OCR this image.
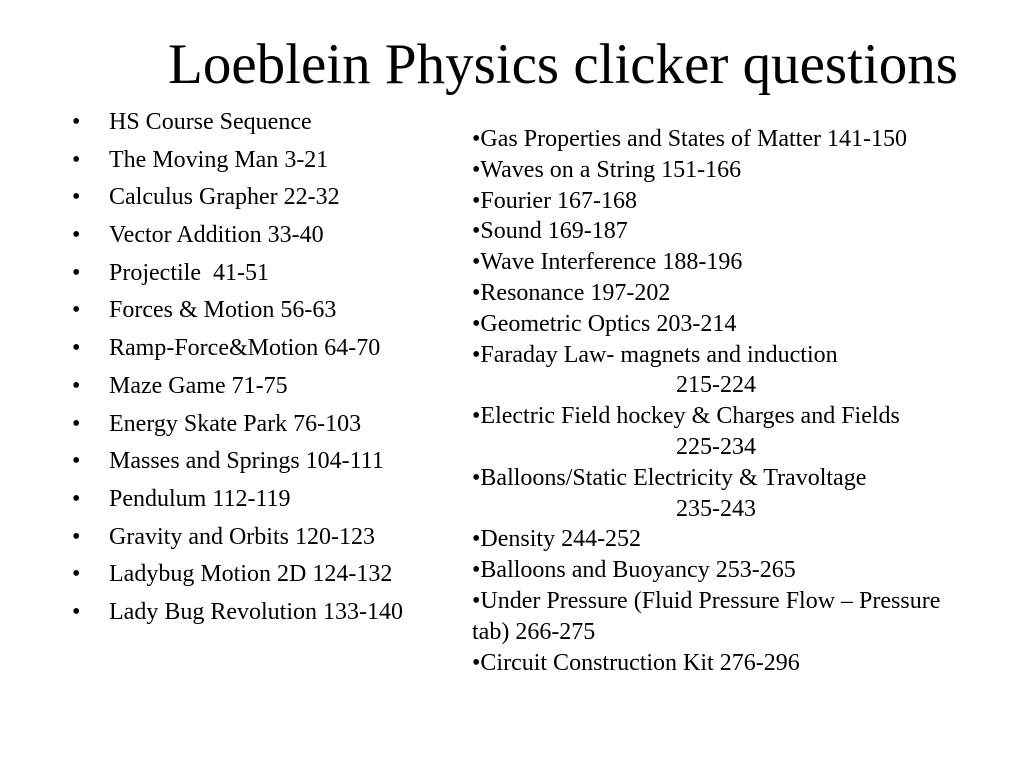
Loeblein Physics clicker questions
•	HS Course Sequence
•	The Moving Man 3-21
•	Calculus Grapher 22-32
•	Vector Addition 33-40
•	Projectile  41-51
•	Forces & Motion 56-63
•	Ramp-Force&Motion 64-70
•	Maze Game 71-75
•	Energy Skate Park 76-103
•	Masses and Springs 104-111
•	Pendulum 112-119
•	Gravity and Orbits 120-123
•	Ladybug Motion 2D 124-132
•	Lady Bug Revolution 133-140
•Gas Properties and States of Matter 141-150
•Waves on a String 151-166
•Fourier 167-168
•Sound 169-187
•Wave Interference 188-196
•Resonance 197-202
•Geometric Optics 203-214
•Faraday Law- magnets and induction
215-224
•Electric Field hockey & Charges and Fields
225-234
•Balloons/Static Electricity & Travoltage
235-243
•Density 244-252
•Balloons and Buoyancy 253-265
•Under Pressure (Fluid Pressure Flow – Pressure
tab) 266-275
•Circuit Construction Kit 276-296
